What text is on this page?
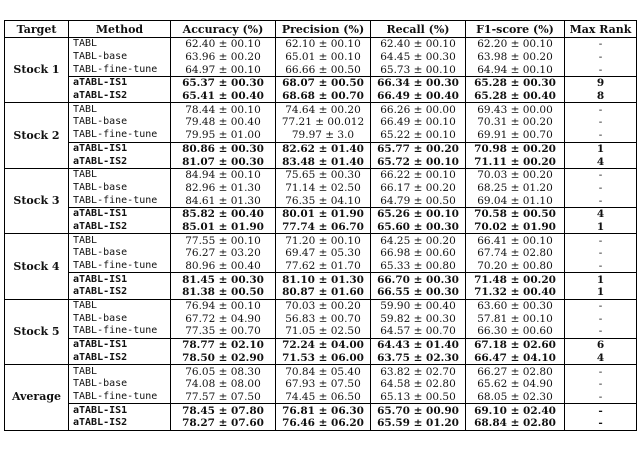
Target	Method	Accuracy (%)	Precision (%)	Recall (%)	F1-score (%)	Max Rank
Stock 1	TABL	62.40 ± 00.10	62.10 ± 00.10	62.40 ± 00.10	62.20 ± 00.10	-
	TABL-base	63.96 ± 00.20	65.01 ± 00.10	64.45 ± 00.30	63.98 ± 00.20	-
	TABL-fine-tune	64.97 ± 00.10	66.66 ± 00.50	65.73 ± 00.10	64.94 ± 00.10	-
	aTABL-IS1	65.37 ± 00.30	68.07 ± 00.50	66.34 ± 00.30	65.28 ± 00.30	9
	aTABL-IS2	65.41 ± 00.40	68.68 ± 00.70	66.49 ± 00.40	65.28 ± 00.40	8
Stock 2	TABL	78.44 ± 00.10	74.64 ± 00.20	66.26 ± 00.00	69.43 ± 00.00	-
	TABL-base	79.48 ± 00.40	77.21 ± 00.012	66.49 ± 00.10	70.31 ± 00.20	-
	TABL-fine-tune	79.95 ± 01.00	79.97 ± 3.0	65.22 ± 00.10	69.91 ± 00.70	-
	aTABL-IS1	80.86 ± 00.30	82.62 ± 01.40	65.77 ± 00.20	70.98 ± 00.20	1
	aTABL-IS2	81.07 ± 00.30	83.48 ± 01.40	65.72 ± 00.10	71.11 ± 00.20	4
Stock 3	TABL	84.94 ± 00.10	75.65 ± 00.30	66.22 ± 00.10	70.03 ± 00.20	-
	TABL-base	82.96 ± 01.30	71.14 ± 02.50	66.17 ± 00.20	68.25 ± 01.20	-
	TABL-fine-tune	84.61 ± 01.30	76.35 ± 04.10	64.79 ± 00.50	69.04 ± 01.10	-
	aTABL-IS1	85.82 ± 00.40	80.01 ± 01.90	65.26 ± 00.10	70.58 ± 00.50	4
	aTABL-IS2	85.01 ± 01.90	77.74 ± 06.70	65.60 ± 00.30	70.02 ± 01.90	1
Stock 4	TABL	77.55 ± 00.10	71.20 ± 00.10	64.25 ± 00.20	66.41 ± 00.10	-
	TABL-base	76.27 ± 03.20	69.47 ± 05.30	66.98 ± 00.60	67.74 ± 02.80	-
	TABL-fine-tune	80.96 ± 00.40	77.62 ± 01.70	65.33 ± 00.80	70.20 ± 00.80	-
	aTABL-IS1	81.45 ± 00.30	81.10 ± 01.30	66.70 ± 00.30	71.48 ± 00.20	1
	aTABL-IS2	81.38 ± 00.50	80.87 ± 01.60	66.55 ± 00.30	71.32 ± 00.40	1
Stock 5	TABL	76.94 ± 00.10	70.03 ± 00.20	59.90 ± 00.40	63.60 ± 00.30	-
	TABL-base	67.72 ± 04.90	56.83 ± 00.70	59.82 ± 00.30	57.81 ± 00.10	-
	TABL-fine-tune	77.35 ± 00.70	71.05 ± 02.50	64.57 ± 00.70	66.30 ± 00.60	-
	aTABL-IS1	78.77 ± 02.10	72.24 ± 04.00	64.43 ± 01.40	67.18 ± 02.60	6
	aTABL-IS2	78.50 ± 02.90	71.53 ± 06.00	63.75 ± 02.30	66.47 ± 04.10	4
Average	TABL	76.05 ± 08.30	70.84 ± 05.40	63.82 ± 02.70	66.27 ± 02.80	-
	TABL-base	74.08 ± 08.00	67.93 ± 07.50	64.58 ± 02.80	65.62 ± 04.90	-
	TABL-fine-tune	77.57 ± 07.50	74.45 ± 06.50	65.13 ± 00.50	68.05 ± 02.30	-
	aTABL-IS1	78.45 ± 07.80	76.81 ± 06.30	65.70 ± 00.90	69.10 ± 02.40	-
	aTABL-IS2	78.27 ± 07.60	76.46 ± 06.20	65.59 ± 01.20	68.84 ± 02.80	-
